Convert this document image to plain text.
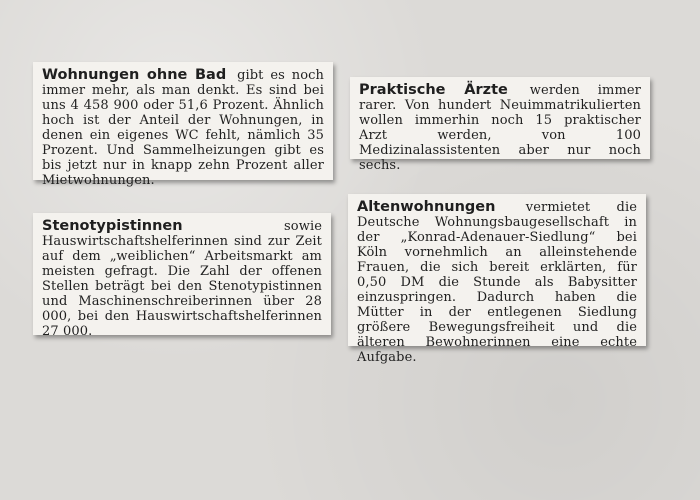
Wohnungen ohne Bad gibt es noch immer mehr, als man denkt. Es sind bei uns 4 458 900 oder 51,6 Prozent. Ähnlich hoch ist der Anteil der Wohnungen, in denen ein eigenes WC fehlt, nämlich 35 Prozent. Und Sammelheizungen gibt es bis jetzt nur in knapp zehn Prozent aller Mietwohnungen.
Praktische Ärzte werden immer rarer. Von hundert Neuimmatrikulierten wollen immerhin noch 15 praktischer Arzt werden, von 100 Medizinalassistenten aber nur noch sechs.
Stenotypistinnen	sowie Hauswirtschaftshelferinnen sind zur Zeit auf dem „weiblichen“ Arbeitsmarkt am meisten gefragt. Die Zahl der offenen Stellen beträgt bei den Stenotypistinnen und Maschinenschreiberinnen über 28 000, bei den Hauswirtschaftshelferinnen 27 000.
Altenwohnungen vermietet die Deutsche Wohnungsbaugesellschaft in der „Konrad-Adenauer-Siedlung“ bei Köln vornehmlich an alleinstehende Frauen, die sich bereit erklärten, für 0,50 DM die Stunde als Babysitter einzuspringen. Dadurch haben die Mütter in der entlegenen Siedlung größere Bewegungsfreiheit und die älteren Bewohnerinnen eine echte Aufgabe.
